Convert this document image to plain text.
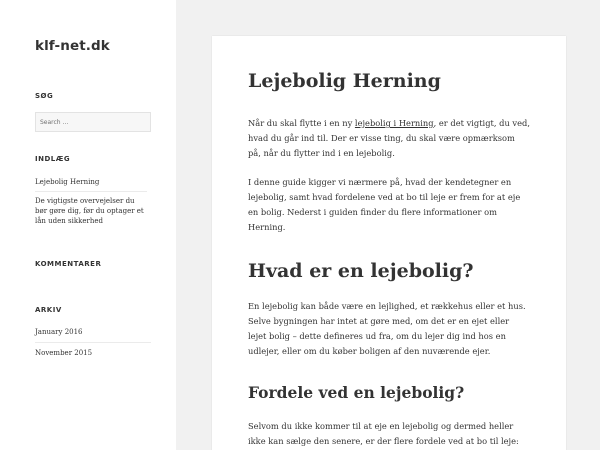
klf-net.dk
SØG
Search …
INDLÆG
Lejebolig Herning
De vigtigste overvejelser du bør gøre dig, før du optager et lån uden sikkerhed
KOMMENTARER
ARKIV
January 2016
November 2015
Lejebolig Herning

Når du skal flytte i en ny lejebolig i Herning, er det vigtigt, du ved, hvad du går ind til. Der er visse ting, du skal være opmærksom på, når du flytter ind i en lejebolig.

I denne guide kigger vi nærmere på, hvad der kendetegner en lejebolig, samt hvad fordelene ved at bo til leje er frem for at eje en bolig. Nederst i guiden finder du flere informationer om Herning.

Hvad er en lejebolig?

En lejebolig kan både være en lejlighed, et rækkehus eller et hus. Selve bygningen har intet at gøre med, om det er en ejet eller lejet bolig – dette defineres ud fra, om du lejer dig ind hos en udlejer, eller om du køber boligen af den nuværende ejer.

Fordele ved en lejebolig?

Selvom du ikke kommer til at eje en lejebolig og dermed heller ikke kan sælge den senere, er der flere fordele ved at bo til leje:
